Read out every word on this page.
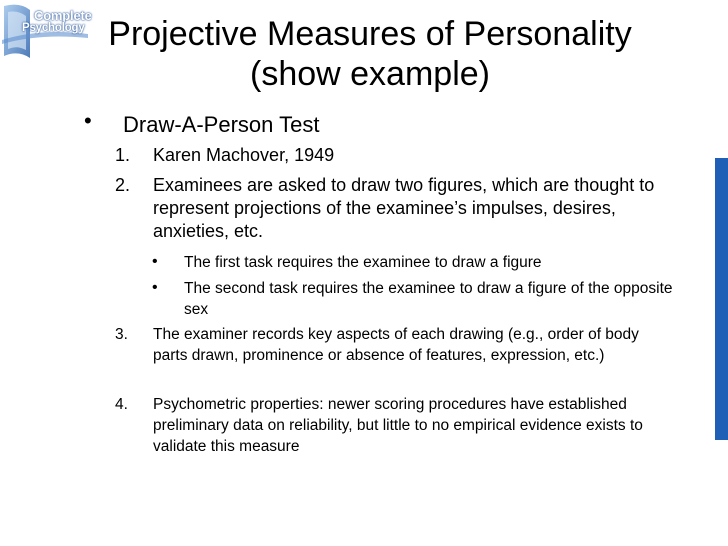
Complete
Psychology Projective Measures of Personality
(show example)
• Draw-A-Person Test
1. Karen Machover, 1949
2. Examinees are asked to draw two figures, which are thought to represent projections of the examinee’s impulses, desires, anxieties, etc.
• The first task requires the examinee to draw a figure
• The second task requires the examinee to draw a figure of the opposite sex
3. The examiner records key aspects of each drawing (e.g., order of body parts drawn, prominence or absence of features, expression, etc.)
4. Psychometric properties: newer scoring procedures have established preliminary data on reliability, but little to no empirical evidence exists to validate this measure
